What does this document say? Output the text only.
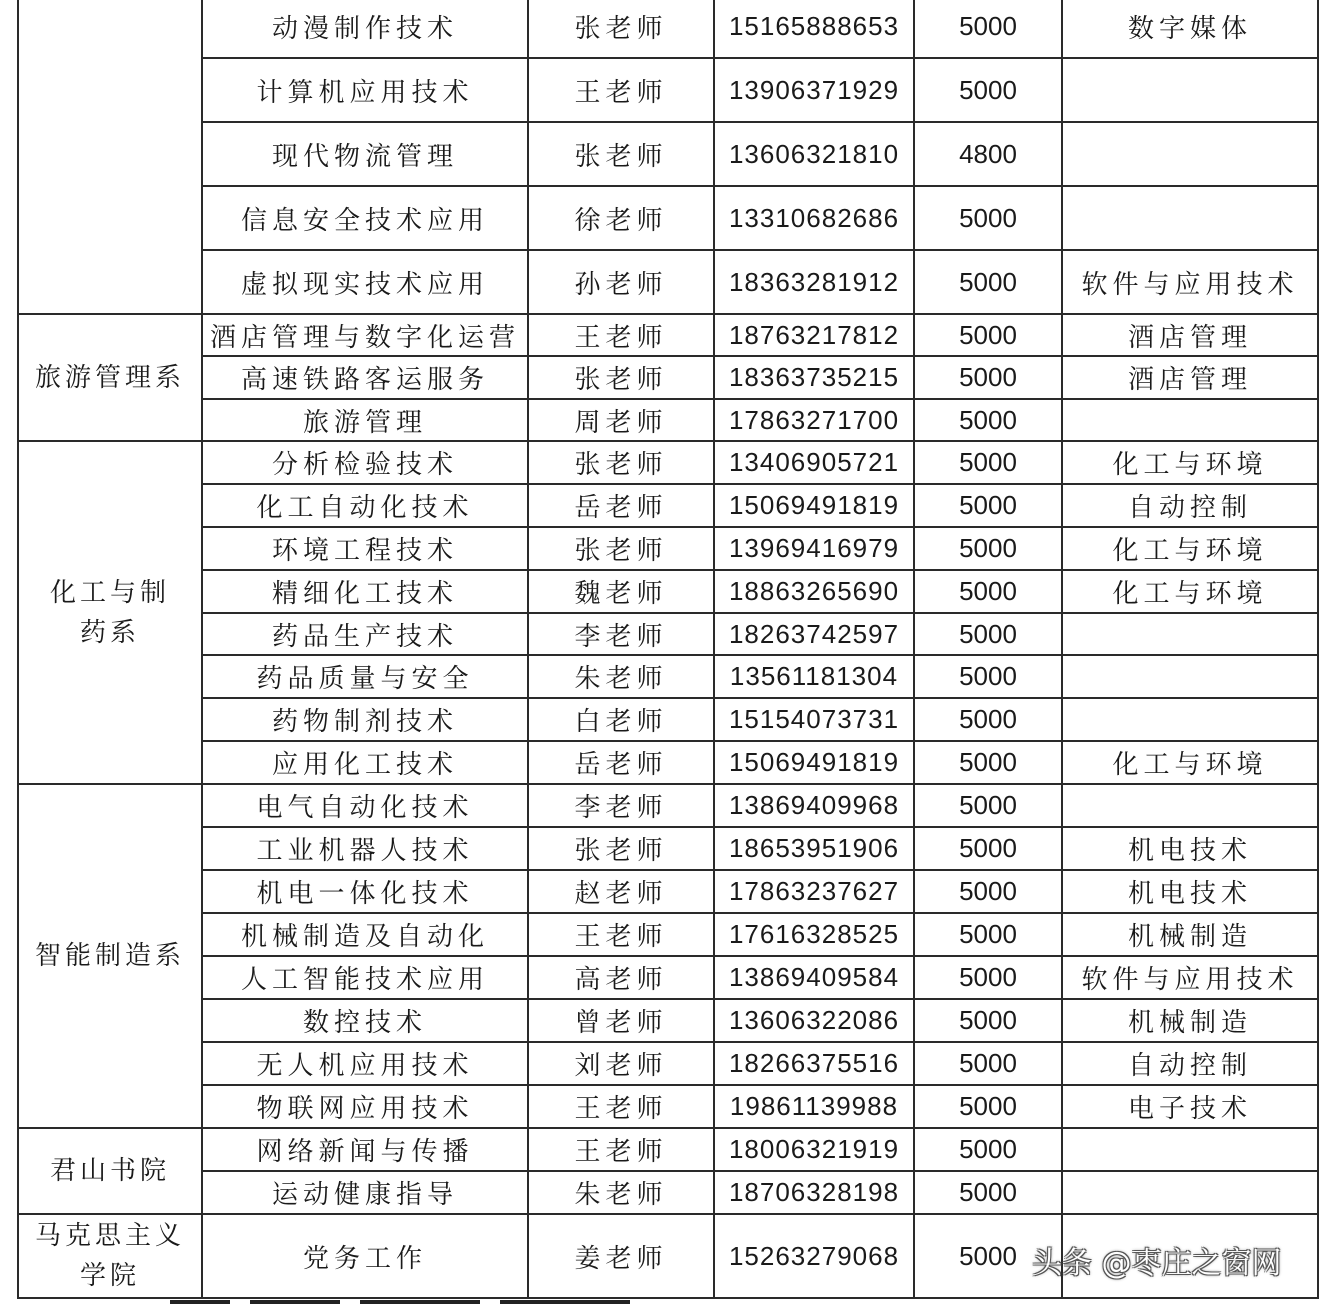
	动漫制作技术	张老师	15165888653	5000	数字媒体
	计算机应用技术	王老师	13906371929	5000	
	现代物流管理	张老师	13606321810	4800	
	信息安全技术应用	徐老师	13310682686	5000	
	虚拟现实技术应用	孙老师	18363281912	5000	软件与应用技术
旅游管理系	酒店管理与数字化运营	王老师	18763217812	5000	酒店管理
	高速铁路客运服务	张老师	18363735215	5000	酒店管理
	旅游管理	周老师	17863271700	5000	
化工与制药系	分析检验技术	张老师	13406905721	5000	化工与环境
	化工自动化技术	岳老师	15069491819	5000	自动控制
	环境工程技术	张老师	13969416979	5000	化工与环境
	精细化工技术	魏老师	18863265690	5000	化工与环境
	药品生产技术	李老师	18263742597	5000	
	药品质量与安全	朱老师	13561181304	5000	
	药物制剂技术	白老师	15154073731	5000	
	应用化工技术	岳老师	15069491819	5000	化工与环境
智能制造系	电气自动化技术	李老师	13869409968	5000	
	工业机器人技术	张老师	18653951906	5000	机电技术
	机电一体化技术	赵老师	17863237627	5000	机电技术
	机械制造及自动化	王老师	17616328525	5000	机械制造
	人工智能技术应用	高老师	13869409584	5000	软件与应用技术
	数控技术	曾老师	13606322086	5000	机械制造
	无人机应用技术	刘老师	18266375516	5000	自动控制
	物联网应用技术	王老师	19861139988	5000	电子技术
君山书院	网络新闻与传播	王老师	18006321919	5000	
	运动健康指导	朱老师	18706328198	5000	
马克思主义学院	党务工作	姜老师	15263279068	5000	头条 @枣庄之窗网
